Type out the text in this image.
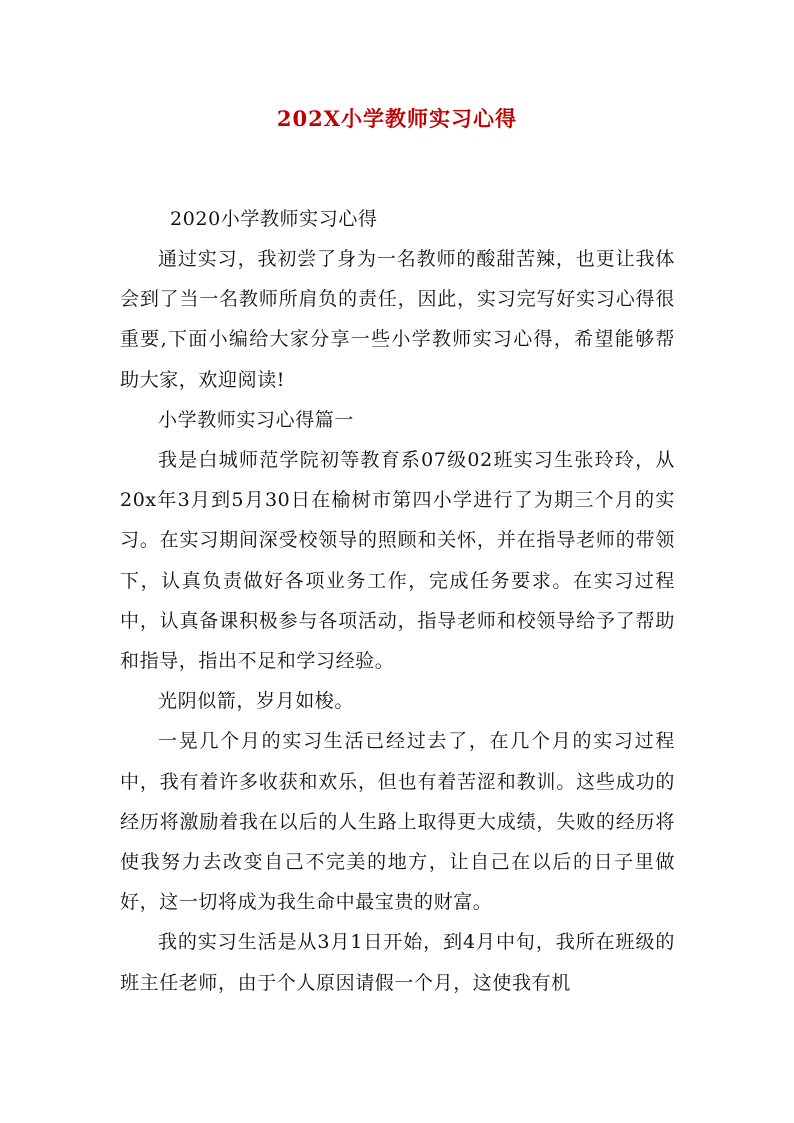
202X小学教师实习心得

2020小学教师实习心得

通过实习，我初尝了身为一名教师的酸甜苦辣，也更让我体会到了当一名教师所肩负的责任，因此，实习完写好实习心得很重要,下面小编给大家分享一些小学教师实习心得，希望能够帮助大家，欢迎阅读!

小学教师实习心得篇一

我是白城师范学院初等教育系07级02班实习生张玲玲，从20x年3月到5月30日在榆树市第四小学进行了为期三个月的实习。在实习期间深受校领导的照顾和关怀，并在指导老师的带领下，认真负责做好各项业务工作，完成任务要求。在实习过程中，认真备课积极参与各项活动，指导老师和校领导给予了帮助和指导，指出不足和学习经验。

光阴似箭，岁月如梭。

一晃几个月的实习生活已经过去了，在几个月的实习过程中，我有着许多收获和欢乐，但也有着苦涩和教训。这些成功的经历将激励着我在以后的人生路上取得更大成绩，失败的经历将使我努力去改变自己不完美的地方，让自己在以后的日子里做好，这一切将成为我生命中最宝贵的财富。

我的实习生活是从3月1日开始，到4月中旬，我所在班级的班主任老师，由于个人原因请假一个月，这使我有机
